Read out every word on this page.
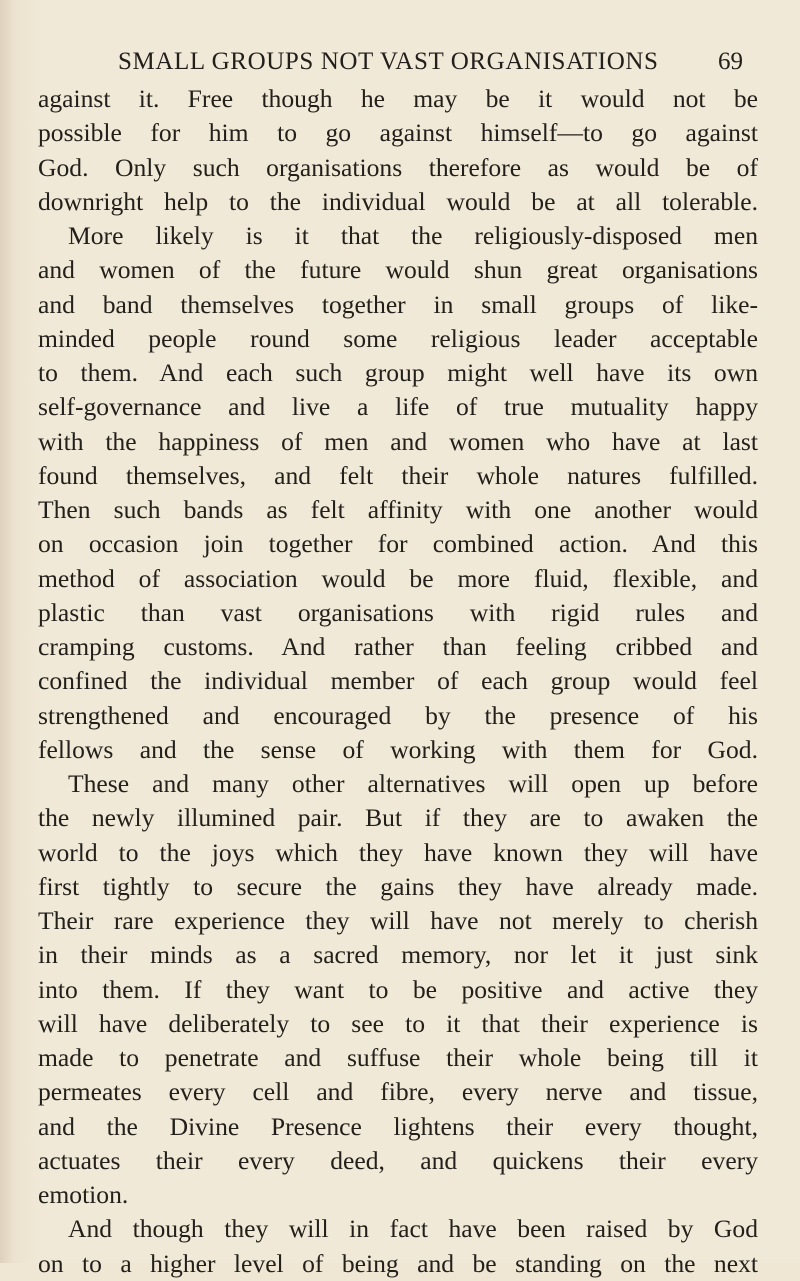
SMALL GROUPS NOT VAST ORGANISATIONS 69
against it. Free though he may be it would not be
possible for him to go against himself—to go against
God. Only such organisations therefore as would be of
downright help to the individual would be at all tolerable.
More likely is it that the religiously-disposed men
and women of the future would shun great organisations
and band themselves together in small groups of like-
minded people round some religious leader acceptable
to them. And each such group might well have its own
self-governance and live a life of true mutuality happy
with the happiness of men and women who have at last
found themselves, and felt their whole natures fulfilled.
Then such bands as felt affinity with one another would
on occasion join together for combined action. And this
method of association would be more fluid, flexible, and
plastic than vast organisations with rigid rules and
cramping customs. And rather than feeling cribbed and
confined the individual member of each group would feel
strengthened and encouraged by the presence of his
fellows and the sense of working with them for God.
These and many other alternatives will open up before
the newly illumined pair. But if they are to awaken the
world to the joys which they have known they will have
first tightly to secure the gains they have already made.
Their rare experience they will have not merely to cherish
in their minds as a sacred memory, nor let it just sink
into them. If they want to be positive and active they
will have deliberately to see to it that their experience is
made to penetrate and suffuse their whole being till it
permeates every cell and fibre, every nerve and tissue,
and the Divine Presence lightens their every thought,
actuates their every deed, and quickens their every
emotion.
And though they will in fact have been raised by God
on to a higher level of being and be standing on the next
